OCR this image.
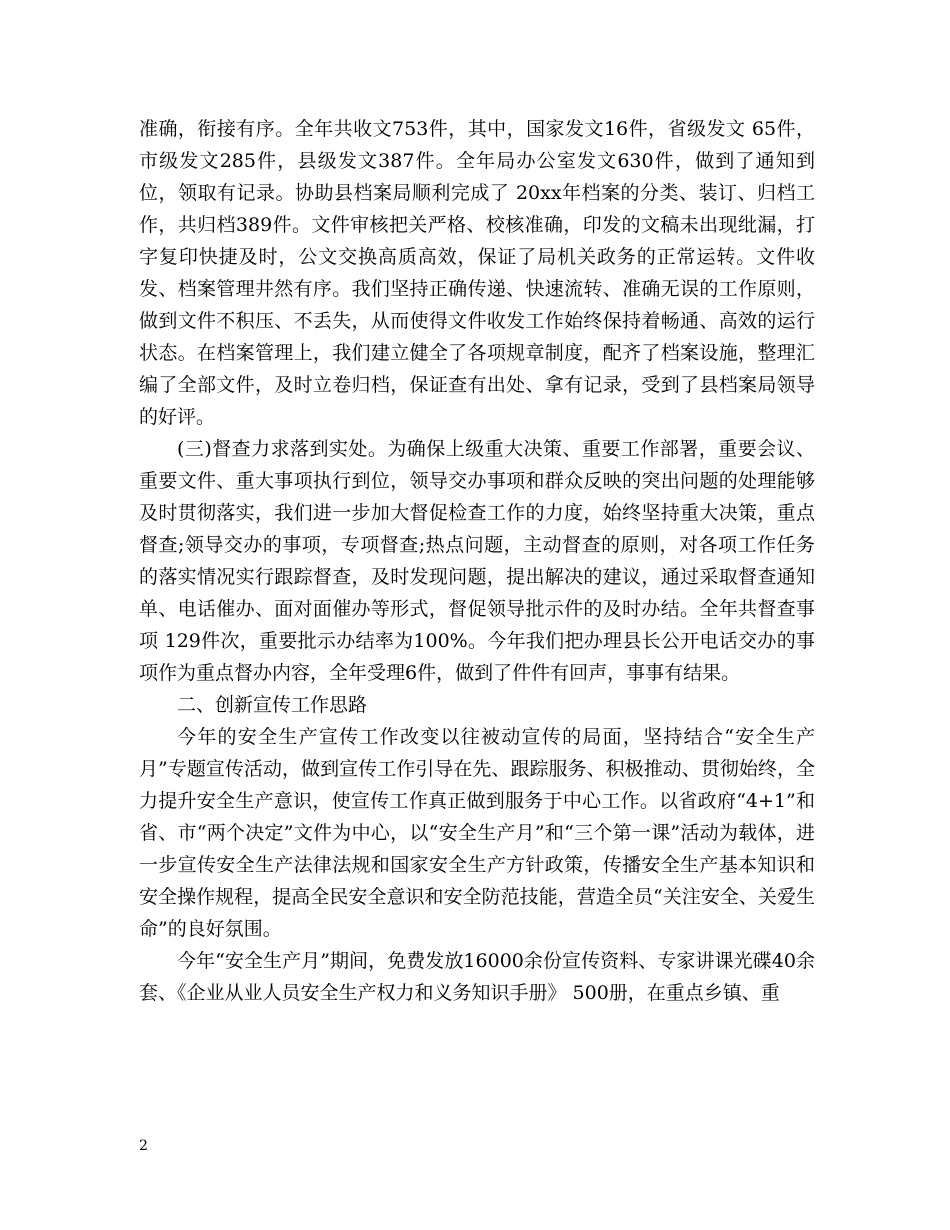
准确，衔接有序。全年共收文753件，其中，国家发文16件，省级发文 65件，市级发文285件，县级发文387件。全年局办公室发文630件，做到了通知到位，领取有记录。协助县档案局顺利完成了 20xx年档案的分类、装订、归档工作，共归档389件。文件审核把关严格、校核准确，印发的文稿未出现纰漏，打字复印快捷及时，公文交换高质高效，保证了局机关政务的正常运转。文件收发、档案管理井然有序。我们坚持正确传递、快速流转、准确无误的工作原则，做到文件不积压、不丢失，从而使得文件收发工作始终保持着畅通、高效的运行状态。在档案管理上，我们建立健全了各项规章制度，配齐了档案设施，整理汇编了全部文件，及时立卷归档，保证查有出处、拿有记录，受到了县档案局领导的好评。

(三)督查力求落到实处。为确保上级重大决策、重要工作部署，重要会议、重要文件、重大事项执行到位，领导交办事项和群众反映的突出问题的处理能够及时贯彻落实，我们进一步加大督促检查工作的力度，始终坚持重大决策，重点督查;领导交办的事项，专项督查;热点问题，主动督查的原则，对各项工作任务的落实情况实行跟踪督查，及时发现问题，提出解决的建议，通过采取督查通知单、电话催办、面对面催办等形式，督促领导批示件的及时办结。全年共督查事项 129件次，重要批示办结率为100%。今年我们把办理县长公开电话交办的事项作为重点督办内容，全年受理6件，做到了件件有回声，事事有结果。

二、创新宣传工作思路

今年的安全生产宣传工作改变以往被动宣传的局面，坚持结合“安全生产月”专题宣传活动，做到宣传工作引导在先、跟踪服务、积极推动、贯彻始终，全力提升安全生产意识，使宣传工作真正做到服务于中心工作。以省政府“4+1”和省、市“两个决定”文件为中心，以“安全生产月”和“三个第一课”活动为载体，进一步宣传安全生产法律法规和国家安全生产方针政策，传播安全生产基本知识和安全操作规程，提高全民安全意识和安全防范技能，营造全员“关注安全、关爱生命”的良好氛围。

今年“安全生产月”期间，免费发放16000余份宣传资料、专家讲课光碟40余套、《企业从业人员安全生产权力和义务知识手册》 500册，在重点乡镇、重

2
